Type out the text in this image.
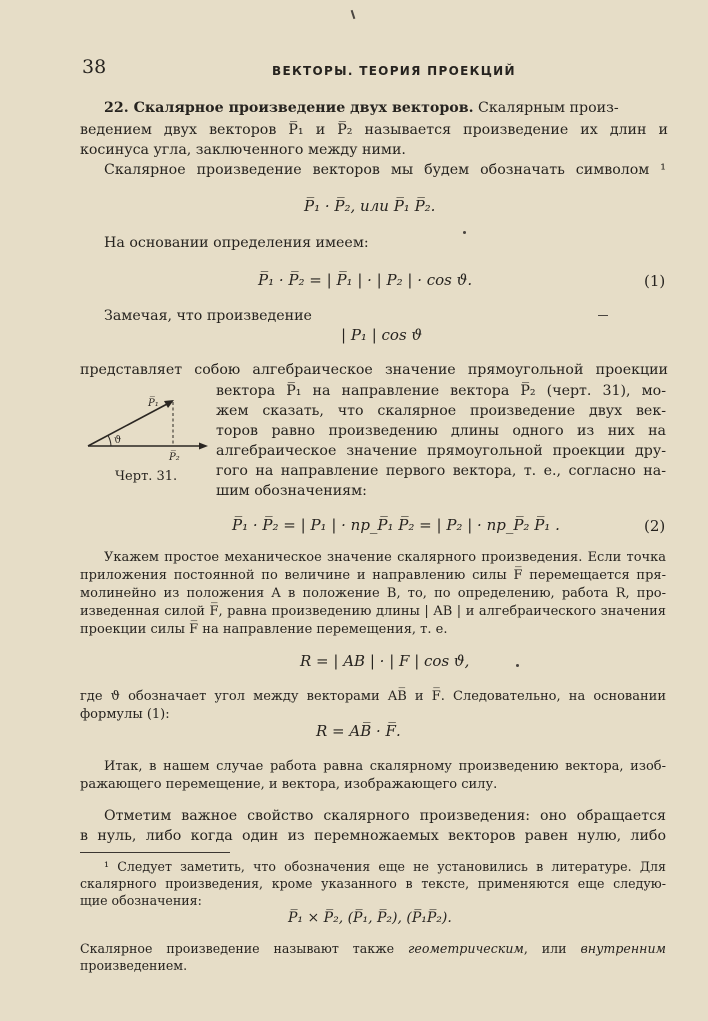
38	ВЕКТОРЫ. ТЕОРИЯ ПРОЕКЦИЙ
22. Скалярное произведение двух векторов. Скалярным произ-
ведением двух векторов P̅₁ и P̅₂ называется произведение их длин и
косинуса угла, заключенного между ними.
Скалярное произведение векторов мы будем обозначать символом ¹
P̅₁ · P̅₂, или P̅₁ P̅₂.
На основании определения имеем:
P̅₁ · P̅₂ = | P̅₁ | · | P₂ | · cos ϑ.	(1)
Замечая, что произведение
| P₁ | cos ϑ
представляет собою алгебраическое значение прямоугольной проекции
вектора P̅₁ на направление вектора P̅₂ (черт. 31), мо-
жем сказать, что скалярное произведение двух век-
торов равно произведению длины одного из них на
алгебраическое значение прямоугольной проекции дру-
гого на направление первого вектора, т. е., согласно на-
шим обозначениям:
P̅₁
P̅₂
ϑ
Черт. 31.
P̅₁ · P̅₂ = | P₁ | · пр_P̅₁ P̅₂ = | P₂ | · пр_P̅₂ P̅₁ .	(2)
Укажем простое механическое значение скалярного произведения. Если точка
приложения постоянной по величине и направлению силы F̅ перемещается пря-
молинейно из положения A в положение B, то, по определению, работа R, про-
изведенная силой F̅, равна произведению длины | AB | и алгебраического значения
проекции силы F̅ на направление перемещения, т. е.
R = | AB | · | F | cos ϑ,
где ϑ обозначает угол между векторами AB̅ и F̅. Следовательно, на основании
формулы (1):
R = AB̅ · F̅.
Итак, в нашем случае работа равна скалярному произведению вектора, изоб-
ражающего перемещение, и вектора, изображающего силу.
Отметим важное свойство скалярного произведения: оно обращается
в нуль, либо когда один из перемножаемых векторов равен нулю, либо
¹ Следует заметить, что обозначения еще не установились в литературе. Для
скалярного произведения, кроме указанного в тексте, применяются еще следую-
щие обозначения:
P̅₁ × P̅₂, (P̅₁, P̅₂), (P̅₁P̅₂).
Скалярное произведение называют также геометрическим, или внутренним
произведением.
